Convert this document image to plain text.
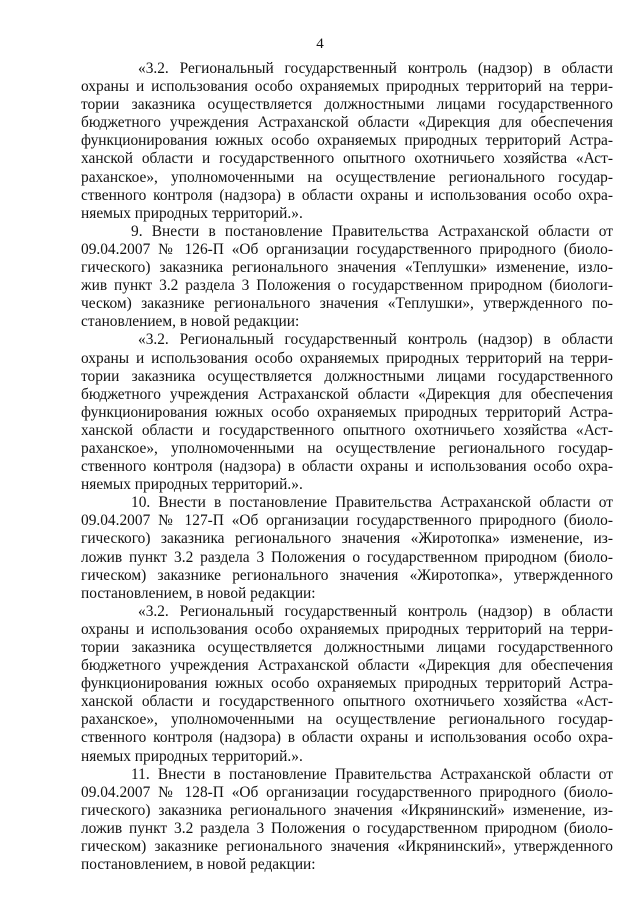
4
«3.2. Региональный государственный контроль (надзор) в области
охраны и использования особо охраняемых природных территорий на терри-
тории заказника осуществляется должностными лицами государственного
бюджетного учреждения Астраханской области «Дирекция для обеспечения
функционирования южных особо охраняемых природных территорий Астра-
ханской области и государственного опытного охотничьего хозяйства «Аст-
раханское», уполномоченными на осуществление регионального государ-
ственного контроля (надзора) в области охраны и использования особо охра-
няемых природных территорий.».
9. Внести в постановление Правительства Астраханской области от
09.04.2007 № 126-П «Об организации государственного природного (биоло-
гического) заказника регионального значения «Теплушки» изменение, изло-
жив пункт 3.2 раздела 3 Положения о государственном природном (биологи-
ческом) заказнике регионального значения «Теплушки», утвержденного по-
становлением, в новой редакции:
«3.2. Региональный государственный контроль (надзор) в области
охраны и использования особо охраняемых природных территорий на терри-
тории заказника осуществляется должностными лицами государственного
бюджетного учреждения Астраханской области «Дирекция для обеспечения
функционирования южных особо охраняемых природных территорий Астра-
ханской области и государственного опытного охотничьего хозяйства «Аст-
раханское», уполномоченными на осуществление регионального государ-
ственного контроля (надзора) в области охраны и использования особо охра-
няемых природных территорий.».
10. Внести в постановление Правительства Астраханской области от
09.04.2007 № 127-П «Об организации государственного природного (биоло-
гического) заказника регионального значения «Жиротопка» изменение, из-
ложив пункт 3.2 раздела 3 Положения о государственном природном (биоло-
гическом) заказнике регионального значения «Жиротопка», утвержденного
постановлением, в новой редакции:
«3.2. Региональный государственный контроль (надзор) в области
охраны и использования особо охраняемых природных территорий на терри-
тории заказника осуществляется должностными лицами государственного
бюджетного учреждения Астраханской области «Дирекция для обеспечения
функционирования южных особо охраняемых природных территорий Астра-
ханской области и государственного опытного охотничьего хозяйства «Аст-
раханское», уполномоченными на осуществление регионального государ-
ственного контроля (надзора) в области охраны и использования особо охра-
няемых природных территорий.».
11. Внести в постановление Правительства Астраханской области от
09.04.2007 № 128-П «Об организации государственного природного (биоло-
гического) заказника регионального значения «Икрянинский» изменение, из-
ложив пункт 3.2 раздела 3 Положения о государственном природном (биоло-
гическом) заказнике регионального значения «Икрянинский», утвержденного
постановлением, в новой редакции:
